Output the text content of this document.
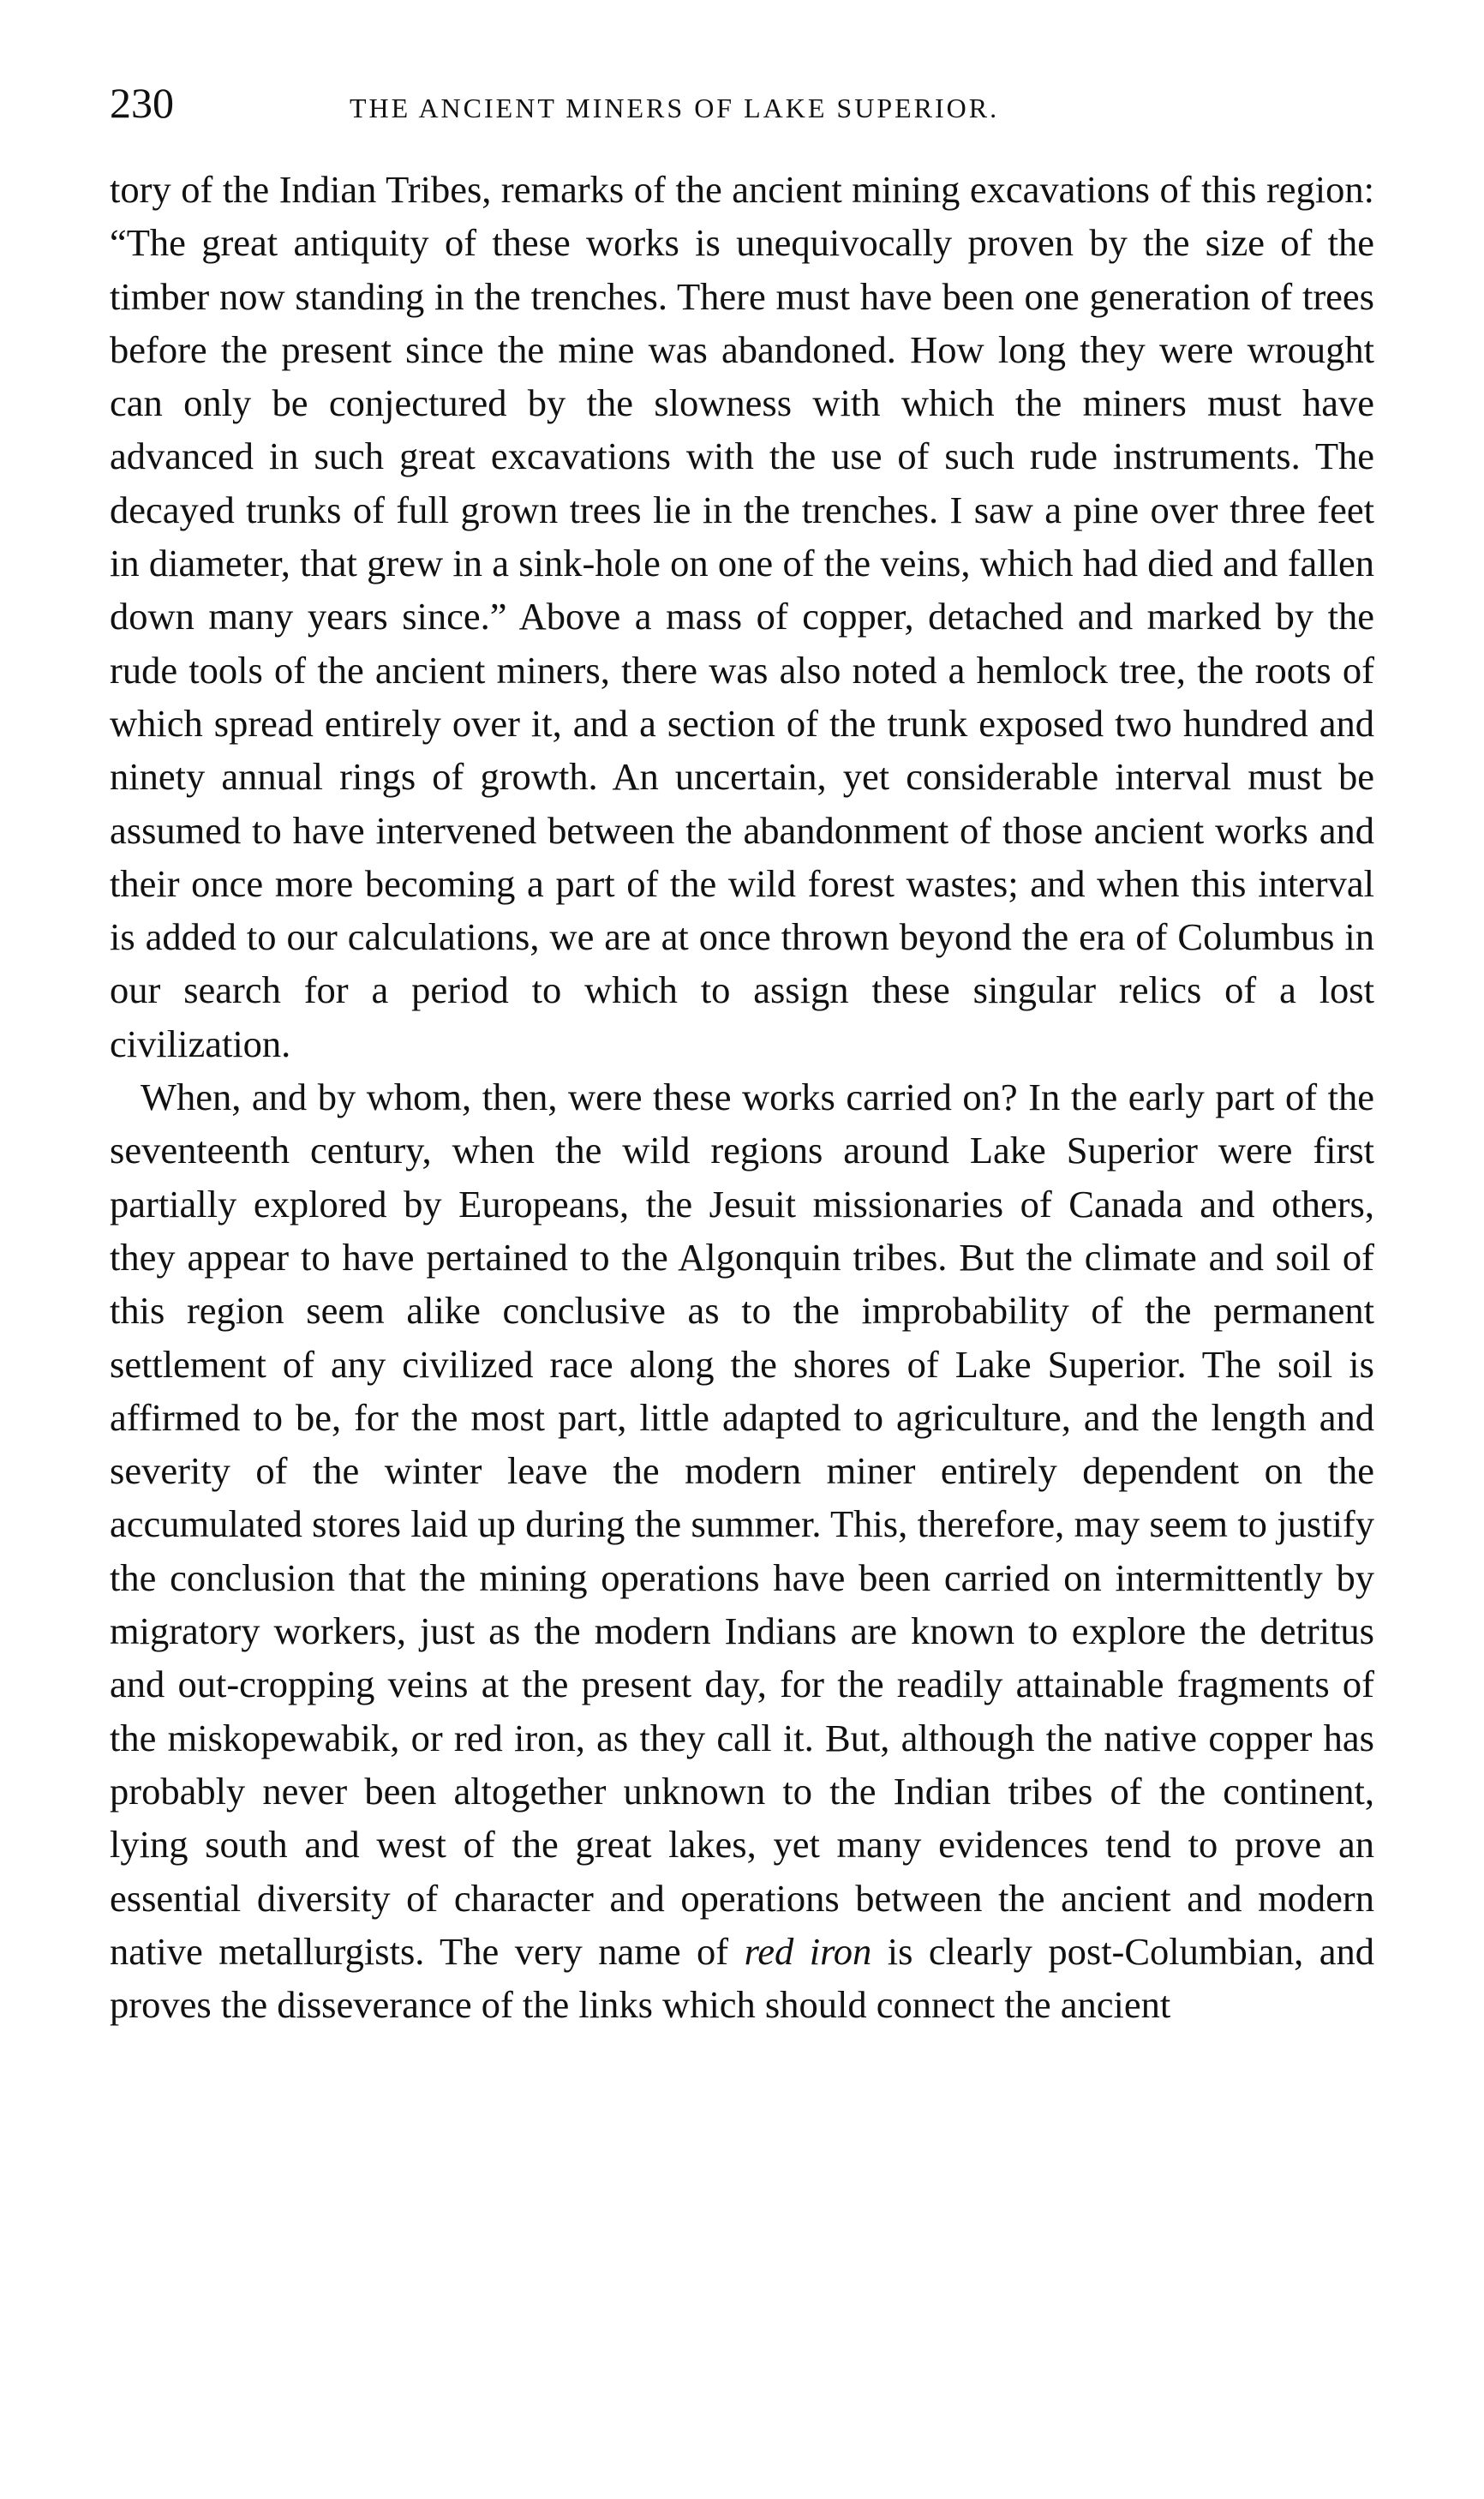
230	THE ANCIENT MINERS OF LAKE SUPERIOR.

tory of the Indian Tribes, remarks of the ancient mining excavations of this region: “The great antiquity of these works is unequivocally proven by the size of the timber now standing in the trenches. There must have been one generation of trees before the present since the mine was abandoned. How long they were wrought can only be conjectured by the slowness with which the miners must have advanced in such great excavations with the use of such rude instruments. The decayed trunks of full grown trees lie in the trenches. I saw a pine over three feet in diameter, that grew in a sink-hole on one of the veins, which had died and fallen down many years since.” Above a mass of copper, detached and marked by the rude tools of the ancient miners, there was also noted a hemlock tree, the roots of which spread entirely over it, and a section of the trunk exposed two hundred and ninety annual rings of growth. An uncertain, yet considerable interval must be assumed to have intervened between the abandonment of those ancient works and their once more becoming a part of the wild forest wastes; and when this interval is added to our calculations, we are at once thrown beyond the era of Columbus in our search for a period to which to assign these singular relics of a lost civilization.

When, and by whom, then, were these works carried on? In the early part of the seventeenth century, when the wild regions around Lake Superior were first partially explored by Europeans, the Jesuit missionaries of Canada and others, they appear to have pertained to the Algonquin tribes. But the climate and soil of this region seem alike conclusive as to the improbability of the permanent settlement of any civilized race along the shores of Lake Superior. The soil is affirmed to be, for the most part, little adapted to agriculture, and the length and severity of the winter leave the modern miner entirely dependent on the accumulated stores laid up during the summer. This, therefore, may seem to justify the conclusion that the mining operations have been carried on intermittently by migratory workers, just as the modern Indians are known to explore the detritus and out-cropping veins at the present day, for the readily attainable fragments of the miskopewabik, or red iron, as they call it. But, although the native copper has probably never been altogether unknown to the Indian tribes of the continent, lying south and west of the great lakes, yet many evidences tend to prove an essential diversity of character and operations between the ancient and modern native metallurgists. The very name of red iron is clearly post-Columbian, and proves the disseverance of the links which should connect the ancient
